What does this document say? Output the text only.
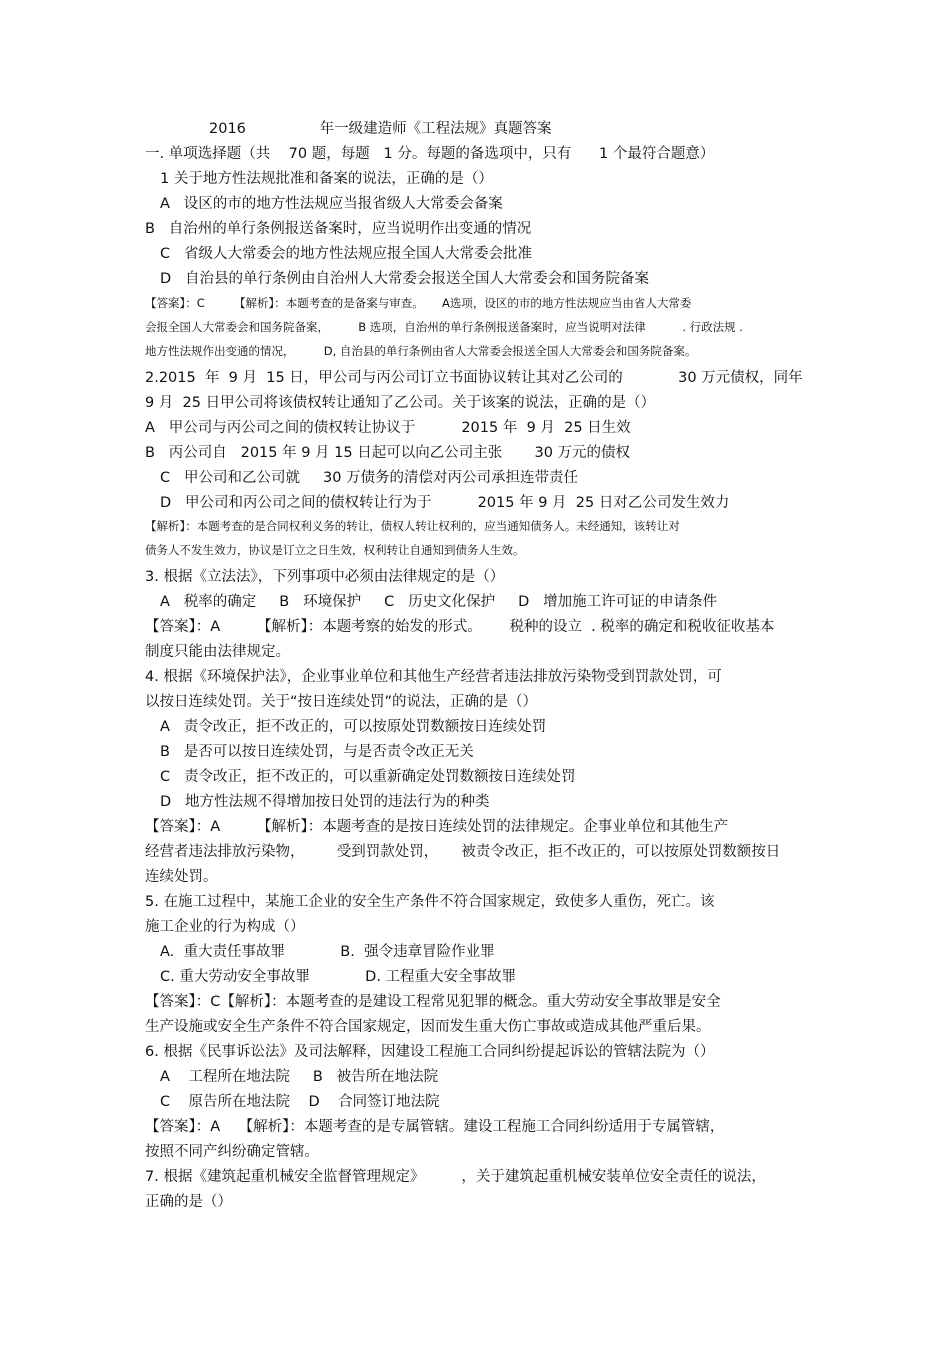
2016                年一级建造师《工程法规》真题答案

一. 单项选择题（共    70 题，每题   1 分。每题的备选项中，只有      1 个最符合题意）

1 关于地方性法规批准和备案的说法，正确的是（）

A   设区的市的地方性法规应当报省级人大常委会备案

B   自治州的单行条例报送备案时，应当说明作出变通的情况

C   省级人大常委会的地方性法规应报全国人大常委会批准

D   自治县的单行条例由自治州人大常委会报送全国人大常委会和国务院备案

【答案】：C        【解析】：本题考查的是备案与审查。     A选项，设区的市的地方性法规应当由省人大常委

会报全国人大常委会和国务院备案，        B 选项，自治州的单行条例报送备案时，应当说明对法律          . 行政法规 .

地方性法规作出变通的情况，        D, 自治县的单行条例由省人大常委会报送全国人大常委会和国务院备案。

2.2015  年  9 月  15 日，甲公司与丙公司订立书面协议转让其对乙公司的            30 万元债权，同年

9 月  25 日甲公司将该债权转让通知了乙公司。关于该案的说法，正确的是（）

A   甲公司与丙公司之间的债权转让协议于          2015 年  9 月  25 日生效

B   丙公司自   2015 年 9 月 15 日起可以向乙公司主张       30 万元的债权

C   甲公司和乙公司就     30 万债务的清偿对丙公司承担连带责任

D   甲公司和丙公司之间的债权转让行为于          2015 年 9 月  25 日对乙公司发生效力

【解析】：本题考查的是合同权利义务的转让，债权人转让权利的，应当通知债务人。未经通知，该转让对

债务人不发生效力，协议是订立之日生效，权利转让自通知到债务人生效。

3. 根据《立法法》，下列事项中必须由法律规定的是（）

A   税率的确定     B   环境保护     C   历史文化保护     D   增加施工许可证的申请条件

【答案】：A        【解析】：本题考察的始发的形式。      税种的设立  . 税率的确定和税收征收基本

制度只能由法律规定。

4. 根据《环境保护法》，企业事业单位和其他生产经营者违法排放污染物受到罚款处罚，可

以按日连续处罚。关于“按日连续处罚”的说法，正确的是（）

A   责令改正，拒不改正的，可以按原处罚数额按日连续处罚

B   是否可以按日连续处罚，与是否责令改正无关

C   责令改正，拒不改正的，可以重新确定处罚数额按日连续处罚

D   地方性法规不得增加按日处罚的违法行为的种类

【答案】：A        【解析】：本题考查的是按日连续处罚的法律规定。企事业单位和其他生产

经营者违法排放污染物，       受到罚款处罚，     被责令改正，拒不改正的，可以按原处罚数额按日

连续处罚。

5. 在施工过程中，某施工企业的安全生产条件不符合国家规定，致使多人重伤，死亡。该

施工企业的行为构成（）

A.  重大责任事故罪            B.  强令违章冒险作业罪

C. 重大劳动安全事故罪            D. 工程重大安全事故罪

【答案】：C【解析】：本题考查的是建设工程常见犯罪的概念。重大劳动安全事故罪是安全

生产设施或安全生产条件不符合国家规定，因而发生重大伤亡事故或造成其他严重后果。

6. 根据《民事诉讼法》及司法解释，因建设工程施工合同纠纷提起诉讼的管辖法院为（）

A    工程所在地法院     B   被告所在地法院

C    原告所在地法院    D    合同签订地法院

【答案】：A    【解析】：本题考查的是专属管辖。建设工程施工合同纠纷适用于专属管辖，

按照不同产纠纷确定管辖。

7. 根据《建筑起重机械安全监督管理规定》        ，关于建筑起重机械安装单位安全责任的说法，

正确的是（）
